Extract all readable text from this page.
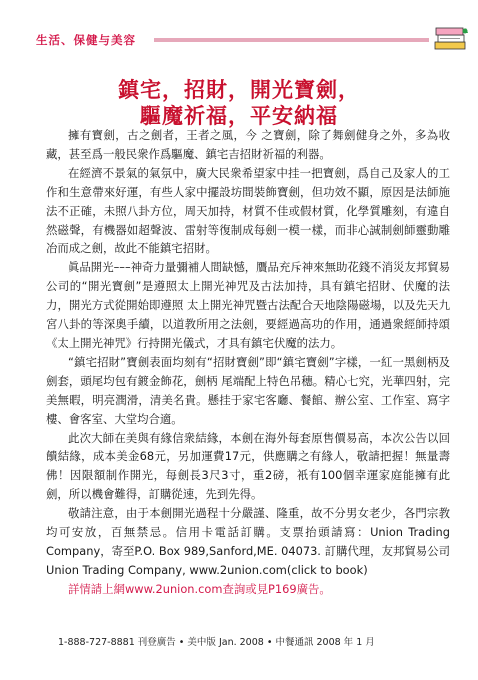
生活、保健与美容
鎮宅，招財，開光寶劍，
驅魔祈福，平安納福

擁有寶劍，古之劍者，王者之風，今 之寶劍，除了舞劍健身之外，多為收藏，甚至爲一般民衆作爲驅魔、鎮宅吉招財祈福的利器。

在經濟不景氣的氣氛中，廣大民衆希望家中挂一把寶劍，爲自己及家人的工作和生意帶來好運，有些人家中擺設坊間裝飾寶劍，但功效不顯，原因是法師施法不正確，未照八卦方位，周天加持，材質不佳或假材質，化學質雕刻，有違自然磁聲，有機器如超聲波、雷射等復制成每劍一模一樣，而非心誠制劍師靈動雕冶而成之劍，故此不能鎮宅招財。

眞品開光–––神奇力量彌補人間缺憾，贋品充斥神來無助花錢不消災友邦貿易公司的“開光寶劍”是遵照太上開光神咒及古法加持，具有鎮宅招財、伏魔的法力，開光方式從開始即遵照 太上開光神咒暨古法配合天地陰陽磁場，以及先天九宮八卦的等深奧手續，以道教所用之法劍，要經過高功的作用，通過衆經師持頌《太上開光神咒》行持開光儀式，才具有鎮宅伏魔的法力。

“鎮宅招財”寶劍表面均刻有“招財寶劍”即“鎮宅寶劍”字樣，一紅一黑劍柄及劍套，頭尾均包有鍍金飾花，劍柄 尾端配上特色吊穗。精心七究，光華四射，完美無暇，明亮潤滑，清美名貴。懸挂于家宅客廳、餐館、辦公室、工作室、寫字樓、會客室、大堂均合適。

此次大師在美與有緣信衆結緣，本劍在海外每套原售價易高，本次公告以回饋結緣，成本美金68元，另加運費17元，供應購之有緣人，敬請把握！無量壽佛！因限額制作開光，每劍長3尺3寸，重2磅，衹有100個幸運家庭能擁有此劍，所以機會難得，訂購從速，先到先得。

敬請注意，由于本劍開光過程十分嚴謹、隆重，故不分男女老少，各門宗教均可安放，百無禁忌。信用卡電話訂購。支票抬頭請寫：Union Trading Company，寄至P.O. Box 989,Sanford,ME. 04073. 訂購代理，友邦貿易公司Union Trading Company, www.2union.com(click to book)

詳情請上網www.2union.com查詢或見P169廣告。

1-888-727-8881 刊登廣告 • 美中版 Jan. 2008 • 中餐通訊 2008 年 1 月
